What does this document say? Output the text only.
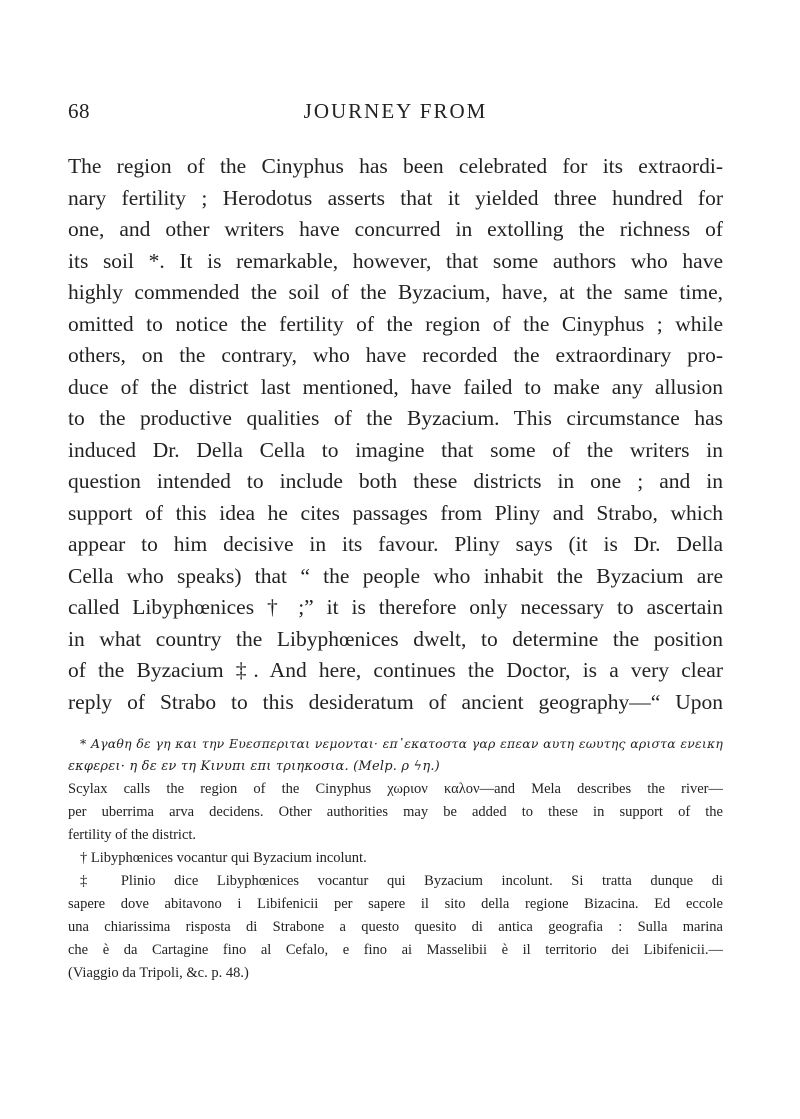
68	JOURNEY FROM
The region of the Cinyphus has been celebrated for its extraordi-
nary fertility ; Herodotus asserts that it yielded three hundred for
one, and other writers have concurred in extolling the richness of
its soil *. It is remarkable, however, that some authors who have
highly commended the soil of the Byzacium, have, at the same time,
omitted to notice the fertility of the region of the Cinyphus ; while
others, on the contrary, who have recorded the extraordinary pro-
duce of the district last mentioned, have failed to make any allusion
to the productive qualities of the Byzacium. This circumstance has
induced Dr. Della Cella to imagine that some of the writers in
question intended to include both these districts in one ; and in
support of this idea he cites passages from Pliny and Strabo, which
appear to him decisive in its favour. Pliny says (it is Dr. Della
Cella who speaks) that “ the people who inhabit the Byzacium are
called Libyphœnices † ;” it is therefore only necessary to ascertain
in what country the Libyphœnices dwelt, to determine the position
of the Byzacium ‡. And here, continues the Doctor, is a very clear
reply of Strabo to this desideratum of ancient geography—“ Upon
* Αγαθη δε γη και την Ευεσπεριται νεμονται· επ᾽εκατοστα γαρ επεαν αυτη εωυτης αριστα ενεικη
εκφερει· η δε εν τη Κινυπι επι τριηκοσια. (Melp. ρ ϟη.)
Scylax calls the region of the Cinyphus χωριον καλον—and Mela describes the river—
per uberrima arva decidens. Other authorities may be added to these in support of the
fertility of the district.
† Libyphœnices vocantur qui Byzacium incolunt.
‡ Plinio dice Libyphœnices vocantur qui Byzacium incolunt. Si tratta dunque di
sapere dove abitavono i Libifenicii per sapere il sito della regione Bizacina. Ed eccole
una chiarissima risposta di Strabone a questo quesito di antica geografia : Sulla marina
che è da Cartagine fino al Cefalo, e fino ai Masselibii è il territorio dei Libifenicii.—
(Viaggio da Tripoli, &c. p. 48.)
